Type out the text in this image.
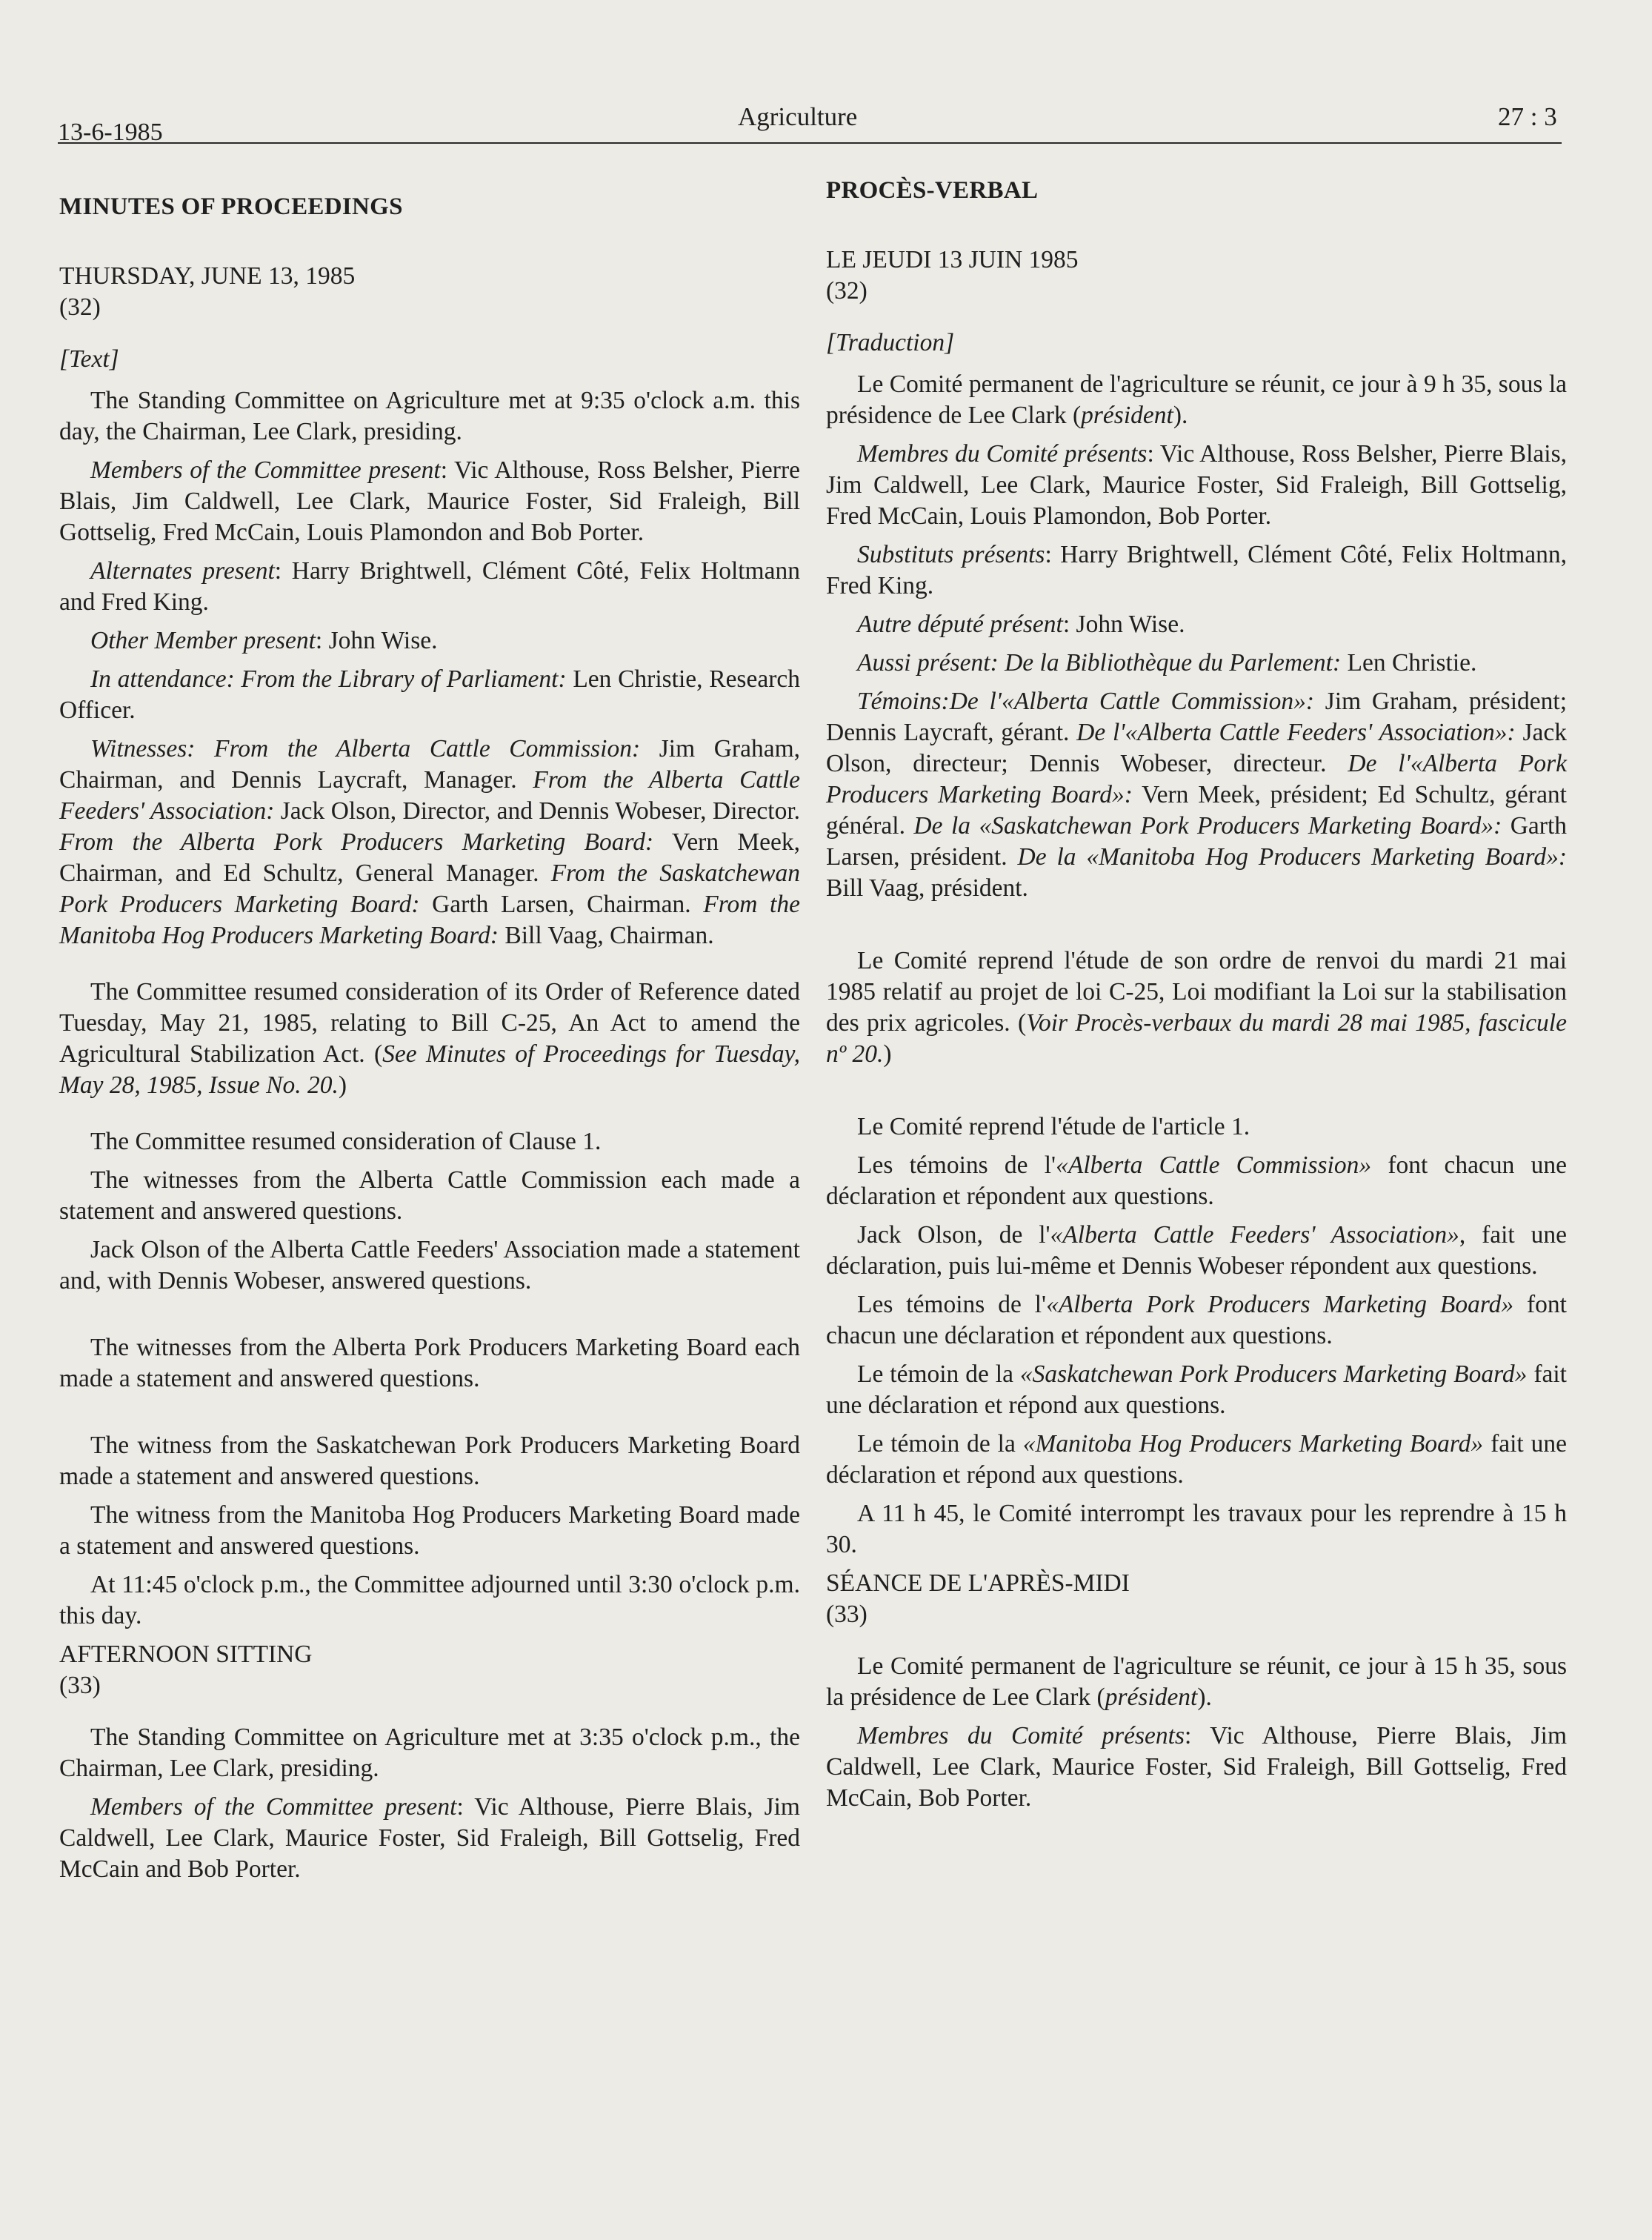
13-6-1985
Agriculture	27 : 3
MINUTES OF PROCEEDINGS
THURSDAY, JUNE 13, 1985
(32)
[Text]

The Standing Committee on Agriculture met at 9:35 o'clock a.m. this day, the Chairman, Lee Clark, presiding.

Members of the Committee present: Vic Althouse, Ross Belsher, Pierre Blais, Jim Caldwell, Lee Clark, Maurice Foster, Sid Fraleigh, Bill Gottselig, Fred McCain, Louis Plamondon and Bob Porter.

Alternates present: Harry Brightwell, Clément Côté, Felix Holtmann and Fred King.

Other Member present: John Wise.

In attendance: From the Library of Parliament: Len Christie, Research Officer.

Witnesses: From the Alberta Cattle Commission: Jim Graham, Chairman, and Dennis Laycraft, Manager. From the Alberta Cattle Feeders' Association: Jack Olson, Director, and Dennis Wobeser, Director. From the Alberta Pork Producers Marketing Board: Vern Meek, Chairman, and Ed Schultz, General Manager. From the Saskatchewan Pork Producers Marketing Board: Garth Larsen, Chairman. From the Manitoba Hog Producers Marketing Board: Bill Vaag, Chairman.

The Committee resumed consideration of its Order of Reference dated Tuesday, May 21, 1985, relating to Bill C-25, An Act to amend the Agricultural Stabilization Act. (See Minutes of Proceedings for Tuesday, May 28, 1985, Issue No. 20.)

The Committee resumed consideration of Clause 1.

The witnesses from the Alberta Cattle Commission each made a statement and answered questions.

Jack Olson of the Alberta Cattle Feeders' Association made a statement and, with Dennis Wobeser, answered questions.

The witnesses from the Alberta Pork Producers Marketing Board each made a statement and answered questions.

The witness from the Saskatchewan Pork Producers Marketing Board made a statement and answered questions.

The witness from the Manitoba Hog Producers Marketing Board made a statement and answered questions.

At 11:45 o'clock p.m., the Committee adjourned until 3:30 o'clock p.m. this day.

AFTERNOON SITTING
(33)

The Standing Committee on Agriculture met at 3:35 o'clock p.m., the Chairman, Lee Clark, presiding.

Members of the Committee present: Vic Althouse, Pierre Blais, Jim Caldwell, Lee Clark, Maurice Foster, Sid Fraleigh, Bill Gottselig, Fred McCain and Bob Porter.

PROCÈS-VERBAL
LE JEUDI 13 JUIN 1985
(32)
[Traduction]

Le Comité permanent de l'agriculture se réunit, ce jour à 9 h 35, sous la présidence de Lee Clark (président).

Membres du Comité présents: Vic Althouse, Ross Belsher, Pierre Blais, Jim Caldwell, Lee Clark, Maurice Foster, Sid Fraleigh, Bill Gottselig, Fred McCain, Louis Plamondon, Bob Porter.

Substituts présents: Harry Brightwell, Clément Côté, Felix Holtmann, Fred King.

Autre député présent: John Wise.

Aussi présent: De la Bibliothèque du Parlement: Len Christie.

Témoins:De l'«Alberta Cattle Commission»: Jim Graham, président; Dennis Laycraft, gérant. De l'«Alberta Cattle Feeders' Association»: Jack Olson, directeur; Dennis Wobeser, directeur. De l'«Alberta Pork Producers Marketing Board»: Vern Meek, président; Ed Schultz, gérant général. De la «Saskatchewan Pork Producers Marketing Board»: Garth Larsen, président. De la «Manitoba Hog Producers Marketing Board»: Bill Vaag, président.

Le Comité reprend l'étude de son ordre de renvoi du mardi 21 mai 1985 relatif au projet de loi C-25, Loi modifiant la Loi sur la stabilisation des prix agricoles. (Voir Procès-verbaux du mardi 28 mai 1985, fascicule nº 20.)

Le Comité reprend l'étude de l'article 1.

Les témoins de l'«Alberta Cattle Commission» font chacun une déclaration et répondent aux questions.

Jack Olson, de l'«Alberta Cattle Feeders' Association», fait une déclaration, puis lui-même et Dennis Wobeser répondent aux questions.

Les témoins de l'«Alberta Pork Producers Marketing Board» font chacun une déclaration et répondent aux questions.

Le témoin de la «Saskatchewan Pork Producers Marketing Board» fait une déclaration et répond aux questions.

Le témoin de la «Manitoba Hog Producers Marketing Board» fait une déclaration et répond aux questions.

A 11 h 45, le Comité interrompt les travaux pour les reprendre à 15 h 30.

SÉANCE DE L'APRÈS-MIDI
(33)

Le Comité permanent de l'agriculture se réunit, ce jour à 15 h 35, sous la présidence de Lee Clark (président).

Membres du Comité présents: Vic Althouse, Pierre Blais, Jim Caldwell, Lee Clark, Maurice Foster, Sid Fraleigh, Bill Gottselig, Fred McCain, Bob Porter.
